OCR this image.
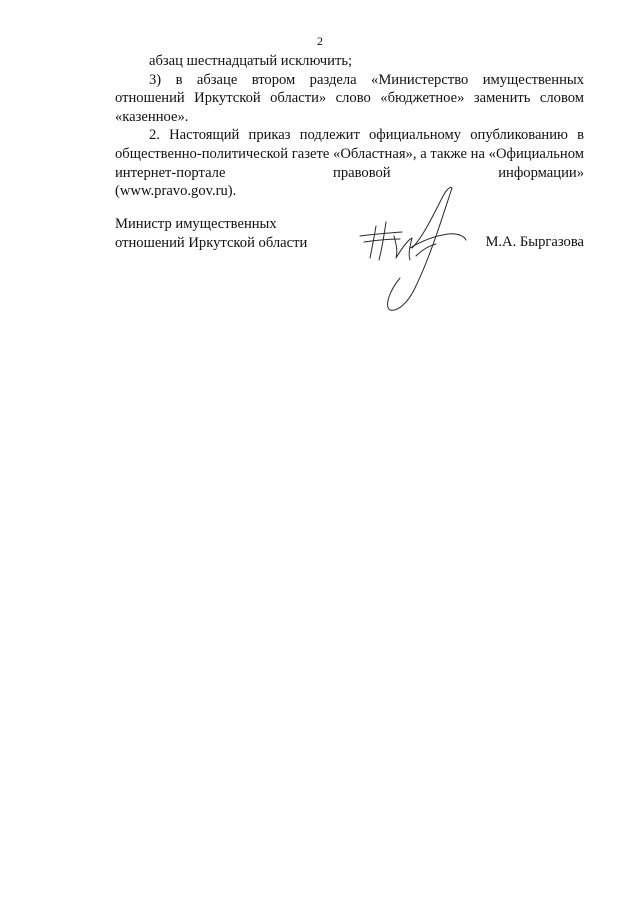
2

абзац шестнадцатый исключить;

3) в абзаце втором раздела «Министерство имущественных отношений Иркутской области» слово «бюджетное» заменить словом «казенное».

2. Настоящий приказ подлежит официальному опубликованию в общественно-политической газете «Областная», а также на «Официальном интернет-портале правовой информации»

(www.pravo.gov.ru).

Министр имущественных
отношений Иркутской области	М.А. Быргазова
